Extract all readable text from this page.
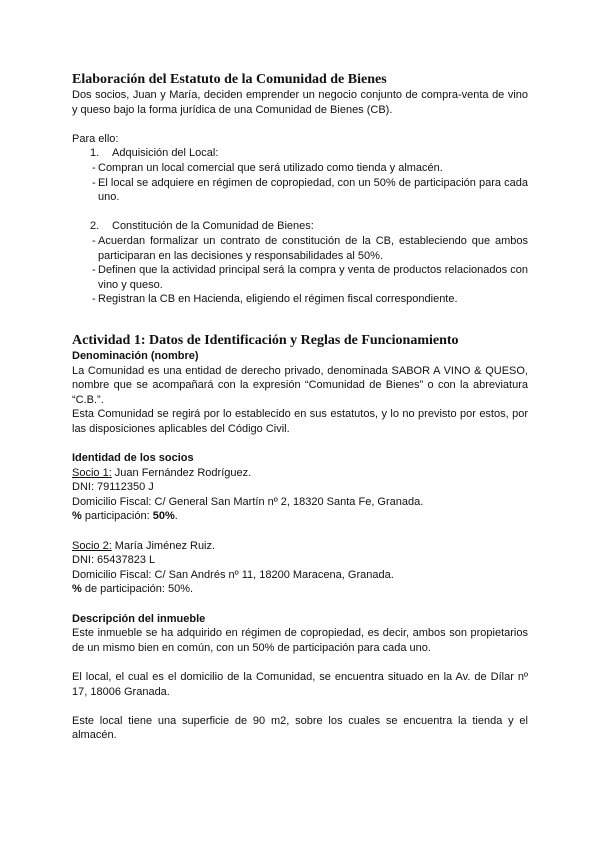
Elaboración del Estatuto de la Comunidad de Bienes

Dos socios, Juan y María, deciden emprender un negocio conjunto de compra-venta de vino y queso bajo la forma jurídica de una Comunidad de Bienes (CB).

Para ello:

1.	Adquisición del Local:
- Compran un local comercial que será utilizado como tienda y almacén.
- El local se adquiere en régimen de copropiedad, con un 50% de participación para cada uno.
2.	Constitución de la Comunidad de Bienes:
- Acuerdan formalizar un contrato de constitución de la CB, estableciendo que ambos participaran en las decisiones y responsabilidades al 50%.
- Definen que la actividad principal será la compra y venta de productos relacionados con vino y queso.
- Registran la CB en Hacienda, eligiendo el régimen fiscal correspondiente.
Actividad 1: Datos de Identificación y Reglas de Funcionamiento

Denominación (nombre)

La Comunidad es una entidad de derecho privado, denominada SABOR A VINO & QUESO, nombre que se acompañará con la expresión “Comunidad de Bienes” o con la abreviatura “C.B.”.

Esta Comunidad se regirá por lo establecido en sus estatutos, y lo no previsto por estos, por las disposiciones aplicables del Código Civil.

Identidad de los socios

Socio 1: Juan Fernández Rodríguez.

DNI: 79112350 J

Domicilio Fiscal: C/ General San Martín nº 2, 18320 Santa Fe, Granada.

% participación: 50%.

Socio 2: María Jiménez Ruiz.

DNI: 65437823 L

Domicilio Fiscal: C/ San Andrés nº 11, 18200 Maracena, Granada.

% de participación: 50%.

Descripción del inmueble

Este inmueble se ha adquirido en régimen de copropiedad, es decir, ambos son propietarios de un mismo bien en común, con un 50% de participación para cada uno.

El local, el cual es el domicilio de la Comunidad, se encuentra situado en la Av. de Dílar nº 17, 18006 Granada.

Este local tiene una superficie de 90 m2, sobre los cuales se encuentra la tienda y el almacén.
